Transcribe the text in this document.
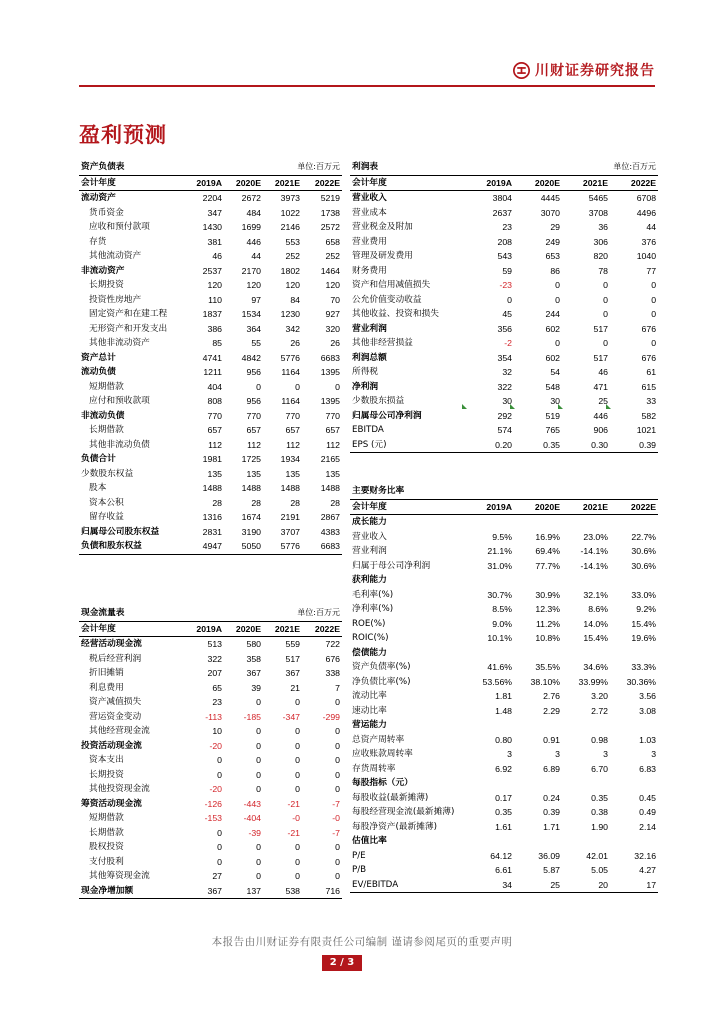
川财证券研究报告
盈利预测
资产负债表			单位:百万元	
会计年度	2019A	2020E	2021E	2022E
流动资产	2204	2672	3973	5219
货币资金	347	484	1022	1738
应收和预付款项	1430	1699	2146	2572
存货	381	446	553	658
其他流动资产	46	44	252	252
非流动资产	2537	2170	1802	1464
长期投资	120	120	120	120
投资性房地产	110	97	84	70
固定资产和在建工程	1837	1534	1230	927
无形资产和开发支出	386	364	342	320
其他非流动资产	85	55	26	26
资产总计	4741	4842	5776	6683
流动负债	1211	956	1164	1395
短期借款	404	0	0	0
应付和预收款项	808	956	1164	1395
非流动负债	770	770	770	770
长期借款	657	657	657	657
其他非流动负债	112	112	112	112
负债合计	1981	1725	1934	2165
少数股东权益	135	135	135	135
股本	1488	1488	1488	1488
资本公积	28	28	28	28
留存收益	1316	1674	2191	2867
归属母公司股东权益	2831	3190	3707	4383
负债和股东权益	4947	5050	5776	6683
现金流量表			单位:百万元	
会计年度	2019A	2020E	2021E	2022E
经营活动现金流	513	580	559	722
税后经营利润	322	358	517	676
折旧摊销	207	367	367	338
利息费用	65	39	21	7
资产减值损失	23	0	0	0
营运资金变动	-113	-185	-347	-299
其他经营现金流	10	0	0	0
投资活动现金流	-20	0	0	0
资本支出	0	0	0	0
长期投资	0	0	0	0
其他投资现金流	-20	0	0	0
筹资活动现金流	-126	-443	-21	-7
短期借款	-153	-404	-0	-0
长期借款	0	-39	-21	-7
股权投资	0	0	0	0
支付股利	0	0	0	0
其他筹资现金流	27	0	0	0
现金净增加额	367	137	538	716
利润表			单位:百万元	
会计年度	2019A	2020E	2021E	2022E
营业收入	3804	4445	5465	6708
营业成本	2637	3070	3708	4496
营业税金及附加	23	29	36	44
营业费用	208	249	306	376
管理及研发费用	543	653	820	1040
财务费用	59	86	78	77
资产和信用减值损失	-23	0	0	0
公允价值变动收益	0	0	0	0
其他收益、投资和损失	45	244	0	0
营业利润	356	602	517	676
其他非经营损益	-2	0	0	0
利润总额	354	602	517	676
所得税	32	54	46	61
净利润	322	548	471	615
少数股东损益	30	30	25	33
归属母公司净利润	292	519	446	582
EBITDA	574	765	906	1021
EPS (元)	0.20	0.35	0.30	0.39
主要财务比率				
会计年度	2019A	2020E	2021E	2022E
成长能力				
营业收入	9.5%	16.9%	23.0%	22.7%
营业利润	21.1%	69.4%	-14.1%	30.6%
归属于母公司净利润	31.0%	77.7%	-14.1%	30.6%
获利能力				
毛利率(%)	30.7%	30.9%	32.1%	33.0%
净利率(%)	8.5%	12.3%	8.6%	9.2%
ROE(%)	9.0%	11.2%	14.0%	15.4%
ROIC(%)	10.1%	10.8%	15.4%	19.6%
偿债能力				
资产负债率(%)	41.6%	35.5%	34.6%	33.3%
净负债比率(%)	53.56%	38.10%	33.99%	30.36%
流动比率	1.81	2.76	3.20	3.56
速动比率	1.48	2.29	2.72	3.08
营运能力				
总资产周转率	0.80	0.91	0.98	1.03
应收账款周转率	3	3	3	3
存货周转率	6.92	6.89	6.70	6.83
每股指标（元）				
每股收益(最新摊薄)	0.17	0.24	0.35	0.45
每股经营现金流(最新摊薄)	0.35	0.39	0.38	0.49
每股净资产(最新摊薄)	1.61	1.71	1.90	2.14
估值比率				
P/E	64.12	36.09	42.01	32.16
P/B	6.61	5.87	5.05	4.27
EV/EBITDA	34	25	20	17
本报告由川财证券有限责任公司编制 谨请参阅尾页的重要声明
2 / 3
